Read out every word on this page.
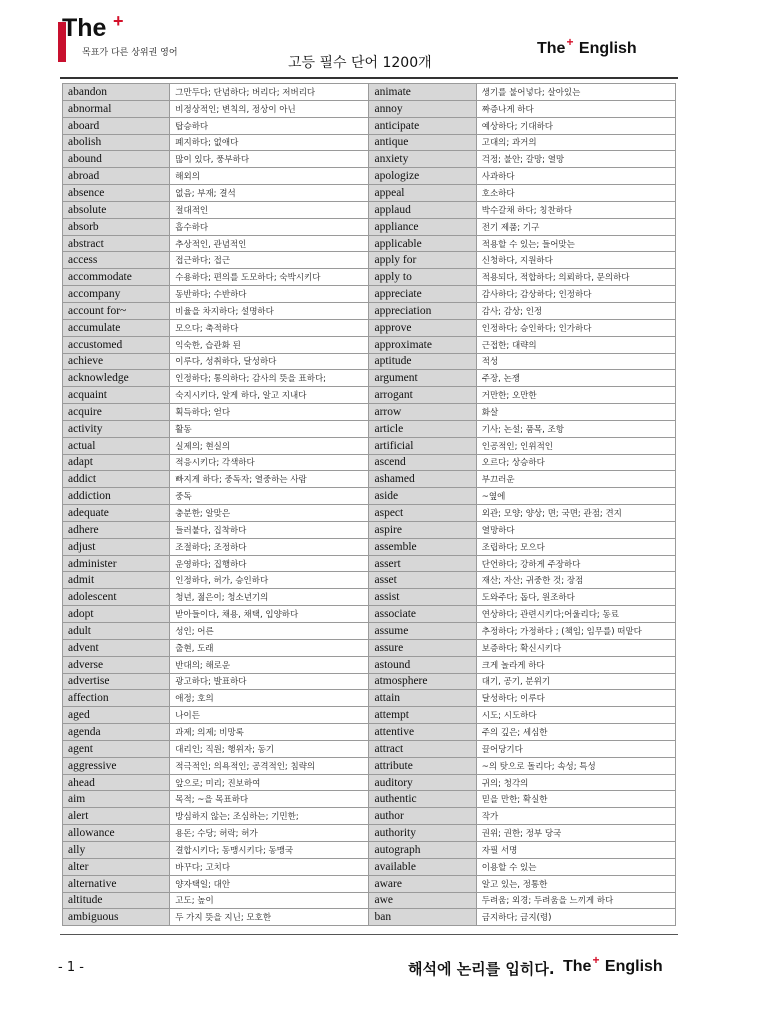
The +
목표가 다른 상위권 영어
고등 필수 단어 1200개
The+ English
abandon	그만두다; 단념하다; 버리다; 저버리다	animate	생기를 불어넣다; 살아있는
abnormal	비정상적인; 변칙의, 정상이 아닌	annoy	짜증나게 하다
aboard	탑승하다	anticipate	예상하다; 기대하다
abolish	폐지하다; 없애다	antique	고대의; 과거의
abound	많이 있다, 풍부하다	anxiety	걱정; 불안; 갈망; 열망
abroad	해외의	apologize	사과하다
absence	없음; 부재; 결석	appeal	호소하다
absolute	절대적인	applaud	박수갈채 하다; 칭찬하다
absorb	흡수하다	appliance	전기 제품; 기구
abstract	추상적인, 관념적인	applicable	적용할 수 있는; 들어맞는
access	접근하다; 접근	apply for	신청하다, 지원하다
accommodate	수용하다; 편의를 도모하다; 숙박시키다	apply to	적용되다, 적합하다; 의뢰하다, 문의하다
accompany	동반하다; 수반하다	appreciate	감사하다; 감상하다; 인정하다
account for~	비율을 차지하다; 설명하다	appreciation	감사; 감상; 인정
accumulate	모으다; 축적하다	approve	인정하다; 승인하다; 인가하다
accustomed	익숙한, 습관화 된	approximate	근접한; 대략의
achieve	이루다, 성취하다, 달성하다	aptitude	적성
acknowledge	인정하다; 통의하다; 감사의 뜻을 표하다;	argument	주장, 논쟁
acquaint	숙지시키다, 알게 하다, 알고 지내다	arrogant	거만한; 오만한
acquire	획득하다; 얻다	arrow	화살
activity	활동	article	기사; 논설; 품목, 조항
actual	실제의; 현실의	artificial	인공적인; 인위적인
adapt	적응시키다; 각색하다	ascend	오르다; 상승하다
addict	빠지게 하다; 중독자; 열중하는 사람	ashamed	부끄러운
addiction	중독	aside	~옆에
adequate	충분한; 알맞은	aspect	외관; 모양; 양상; 면; 국면; 관점; 견지
adhere	들러붙다, 집착하다	aspire	열망하다
adjust	조절하다; 조정하다	assemble	조립하다; 모으다
administer	운영하다; 집행하다	assert	단언하다; 강하게 주장하다
admit	인정하다, 허가, 승인하다	asset	재산; 자산; 귀중한 것; 장점
adolescent	청년, 젊은이; 청소년기의	assist	도와주다; 돕다, 원조하다
adopt	받아들이다, 채용, 채택, 입양하다	associate	연상하다; 관련시키다;어울리다; 동료
adult	성인; 어른	assume	추정하다; 가정하다 ; (책임; 임무를) 떠맡다
advent	출현, 도래	assure	보증하다; 확신시키다
adverse	반대의; 해로운	astound	크게 놀라게 하다
advertise	광고하다; 발표하다	atmosphere	대기, 공기, 분위기
affection	애정; 호의	attain	달성하다; 이루다
aged	나이든	attempt	시도; 시도하다
agenda	과제; 의제; 비망록	attentive	주의 깊은; 세심한
agent	대리인; 직원; 행위자; 동기	attract	끌어당기다
aggressive	적극적인; 의욕적인; 공격적인; 침략의	attribute	~의 탓으로 돌리다; 속성; 특성
ahead	앞으로; 미리; 진보하여	auditory	귀의; 청각의
aim	목적; ~을 목표하다	authentic	믿을 만한; 확실한
alert	방심하지 않는; 조심하는; 기민한;	author	작가
allowance	용돈; 수당; 허락; 허가	authority	권위; 권한; 정부 당국
ally	결합시키다; 동맹시키다; 동맹국	autograph	자필 서명
alter	바꾸다; 고치다	available	이용할 수 있는
alternative	양자택일; 대안	aware	알고 있는, 정통한
altitude	고도; 높이	awe	두려움; 외경; 두려움을 느끼게 하다
ambiguous	두 가지 뜻을 지닌; 모호한	ban	금지하다; 금지(령)
- 1 -	해석에 논리를 입히다. The+ English
